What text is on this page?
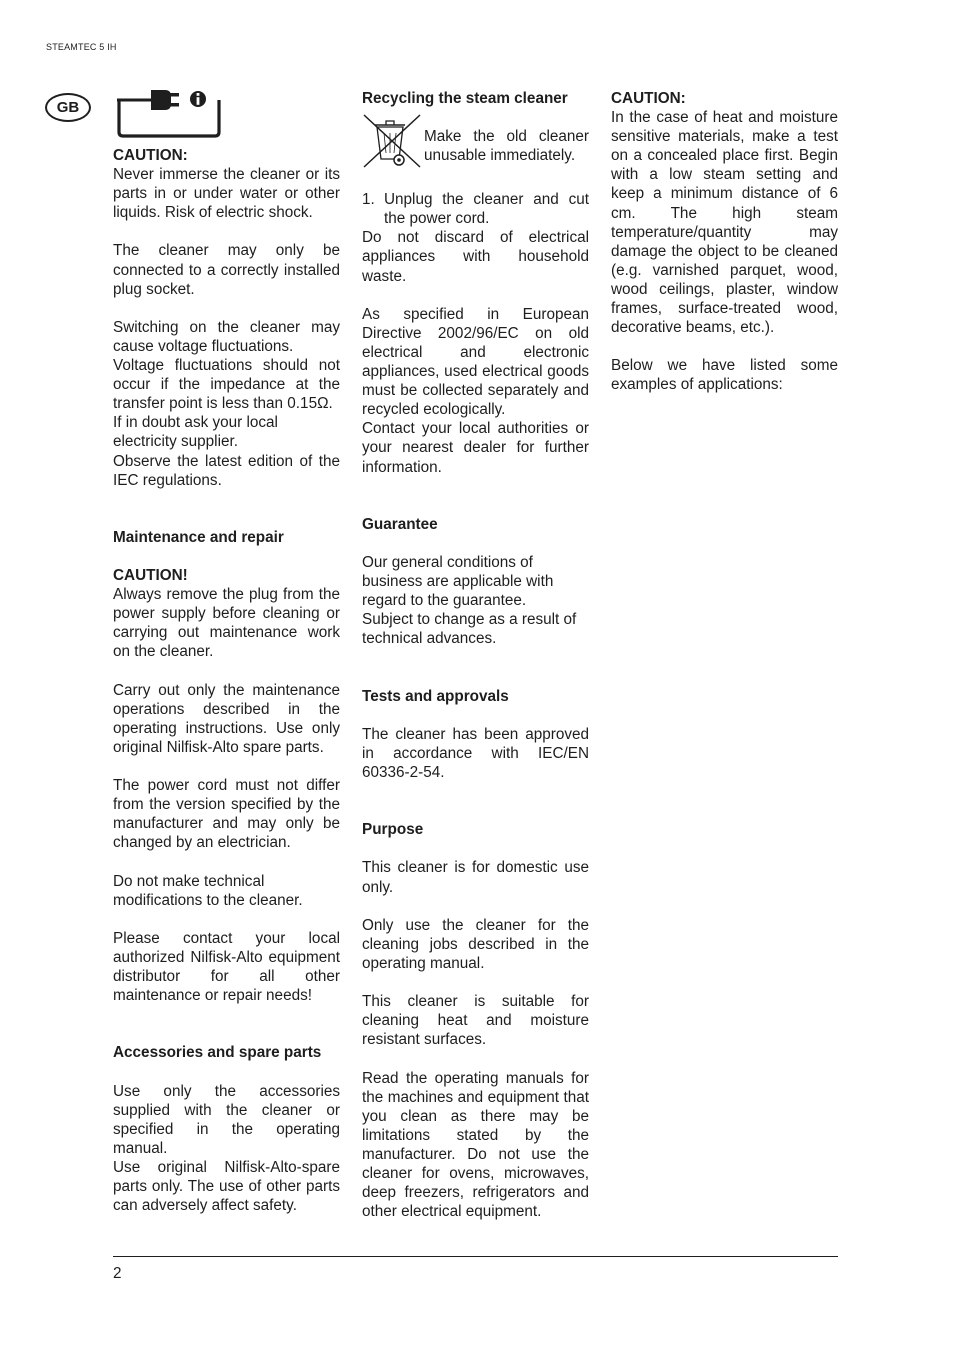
STEAMTEC 5 IH
GB

CAUTION:

Never immerse the cleaner or its parts in or under water or other liquids. Risk of electric shock.

The cleaner may only be connected to a correctly installed plug socket.

Switching on the cleaner may cause voltage fluctuations.

Voltage fluctuations should not occur if the impedance at the transfer point is less than 0.15Ω.

If in doubt ask your local electricity supplier.

Observe the latest edition of the IEC regulations.

Maintenance and repair

CAUTION!

Always remove the plug from the power supply before cleaning or carrying out maintenance work on the cleaner.

Carry out only the maintenance operations described in the operating instructions. Use only original Nilfisk-Alto spare parts.

The power cord must not differ from the version specified by the manufacturer and may only be changed by an electrician.

Do not make technical modifications to the cleaner.

Please contact your local authorized Nilfisk-Alto equipment distributor for all other maintenance or repair needs!

Accessories and spare parts

Use only the accessories supplied with the cleaner or specified in the operating manual.

Use original Nilfisk-Alto-spare parts only. The use of other parts can adversely affect safety.

Recycling the steam cleaner

Make the old cleaner unusable immediately.

1. Unplug the cleaner and cut the power cord.

Do not discard of electrical appliances with household waste.

As specified in European Directive 2002/96/EC on old electrical and electronic appliances, used electrical goods must be collected separately and recycled ecologically.

Contact your local authorities or your nearest dealer for further information.

Guarantee

Our general conditions of business are applicable with regard to the guarantee.

Subject to change as a result of technical advances.

Tests and approvals

The cleaner has been approved in accordance with IEC/EN 60336-2-54.

Purpose

This cleaner is for domestic use only.

Only use the cleaner for the cleaning jobs described in the operating manual.

This cleaner is suitable for cleaning heat and moisture resistant surfaces.

Read the operating manuals for the machines and equipment that you clean as there may be limitations stated by the manufacturer. Do not use the cleaner for ovens, microwaves, deep freezers, refrigerators and other electrical equipment.

CAUTION:

In the case of heat and moisture sensitive materials, make a test on a concealed place first. Begin with a low steam setting and keep a minimum distance of 6 cm. The high steam temperature/quantity may damage the object to be cleaned (e.g. varnished parquet, wood, wood ceilings, plaster, window frames, surface-treated wood, decorative beams, etc.).

Below we have listed some examples of applications:

2
